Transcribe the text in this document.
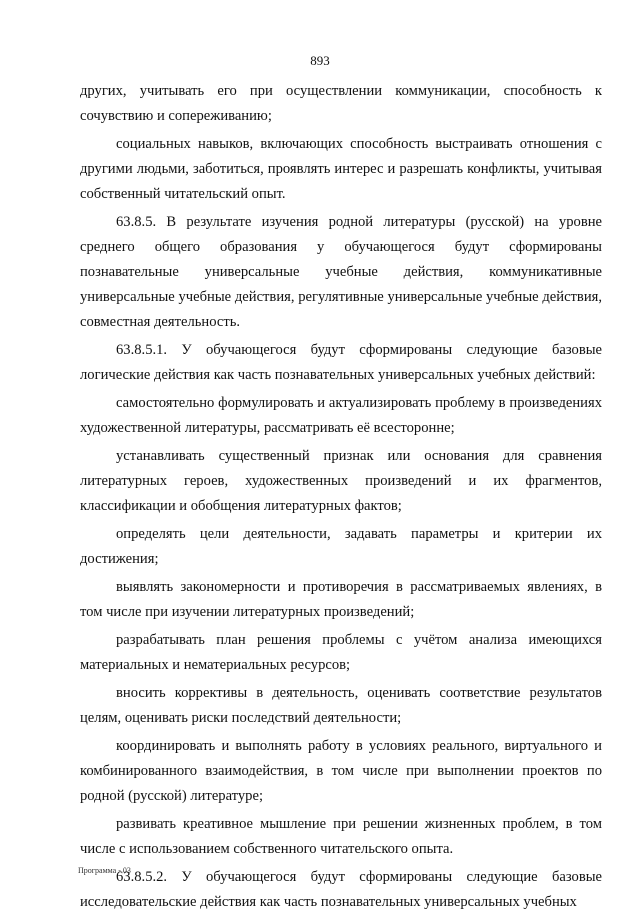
893

других, учитывать его при осуществлении коммуникации, способность к сочувствию и сопереживанию;

социальных навыков, включающих способность выстраивать отношения с другими людьми, заботиться, проявлять интерес и разрешать конфликты, учитывая собственный читательский опыт.

63.8.5. В результате изучения родной литературы (русской) на уровне среднего общего образования у обучающегося будут сформированы познавательные универсальные учебные действия, коммуникативные универсальные учебные действия, регулятивные универсальные учебные действия, совместная деятельность.

63.8.5.1. У обучающегося будут сформированы следующие базовые логические действия как часть познавательных универсальных учебных действий:

самостоятельно формулировать и актуализировать проблему в произведениях художественной литературы, рассматривать её всесторонне;

устанавливать существенный признак или основания для сравнения литературных героев, художественных произведений и их фрагментов, классификации и обобщения литературных фактов;

определять цели деятельности, задавать параметры и критерии их достижения;

выявлять закономерности и противоречия в рассматриваемых явлениях, в том числе при изучении литературных произведений;

разрабатывать план решения проблемы с учётом анализа имеющихся материальных и нематериальных ресурсов;

вносить коррективы в деятельность, оценивать соответствие результатов целям, оценивать риски последствий деятельности;

координировать и выполнять работу в условиях реального, виртуального и комбинированного взаимодействия, в том числе при выполнении проектов по родной (русской) литературе;

развивать креативное мышление при решении жизненных проблем, в том числе с использованием собственного читательского опыта.

63.8.5.2. У обучающегося будут сформированы следующие базовые исследовательские действия как часть познавательных универсальных учебных

Программа - 03
